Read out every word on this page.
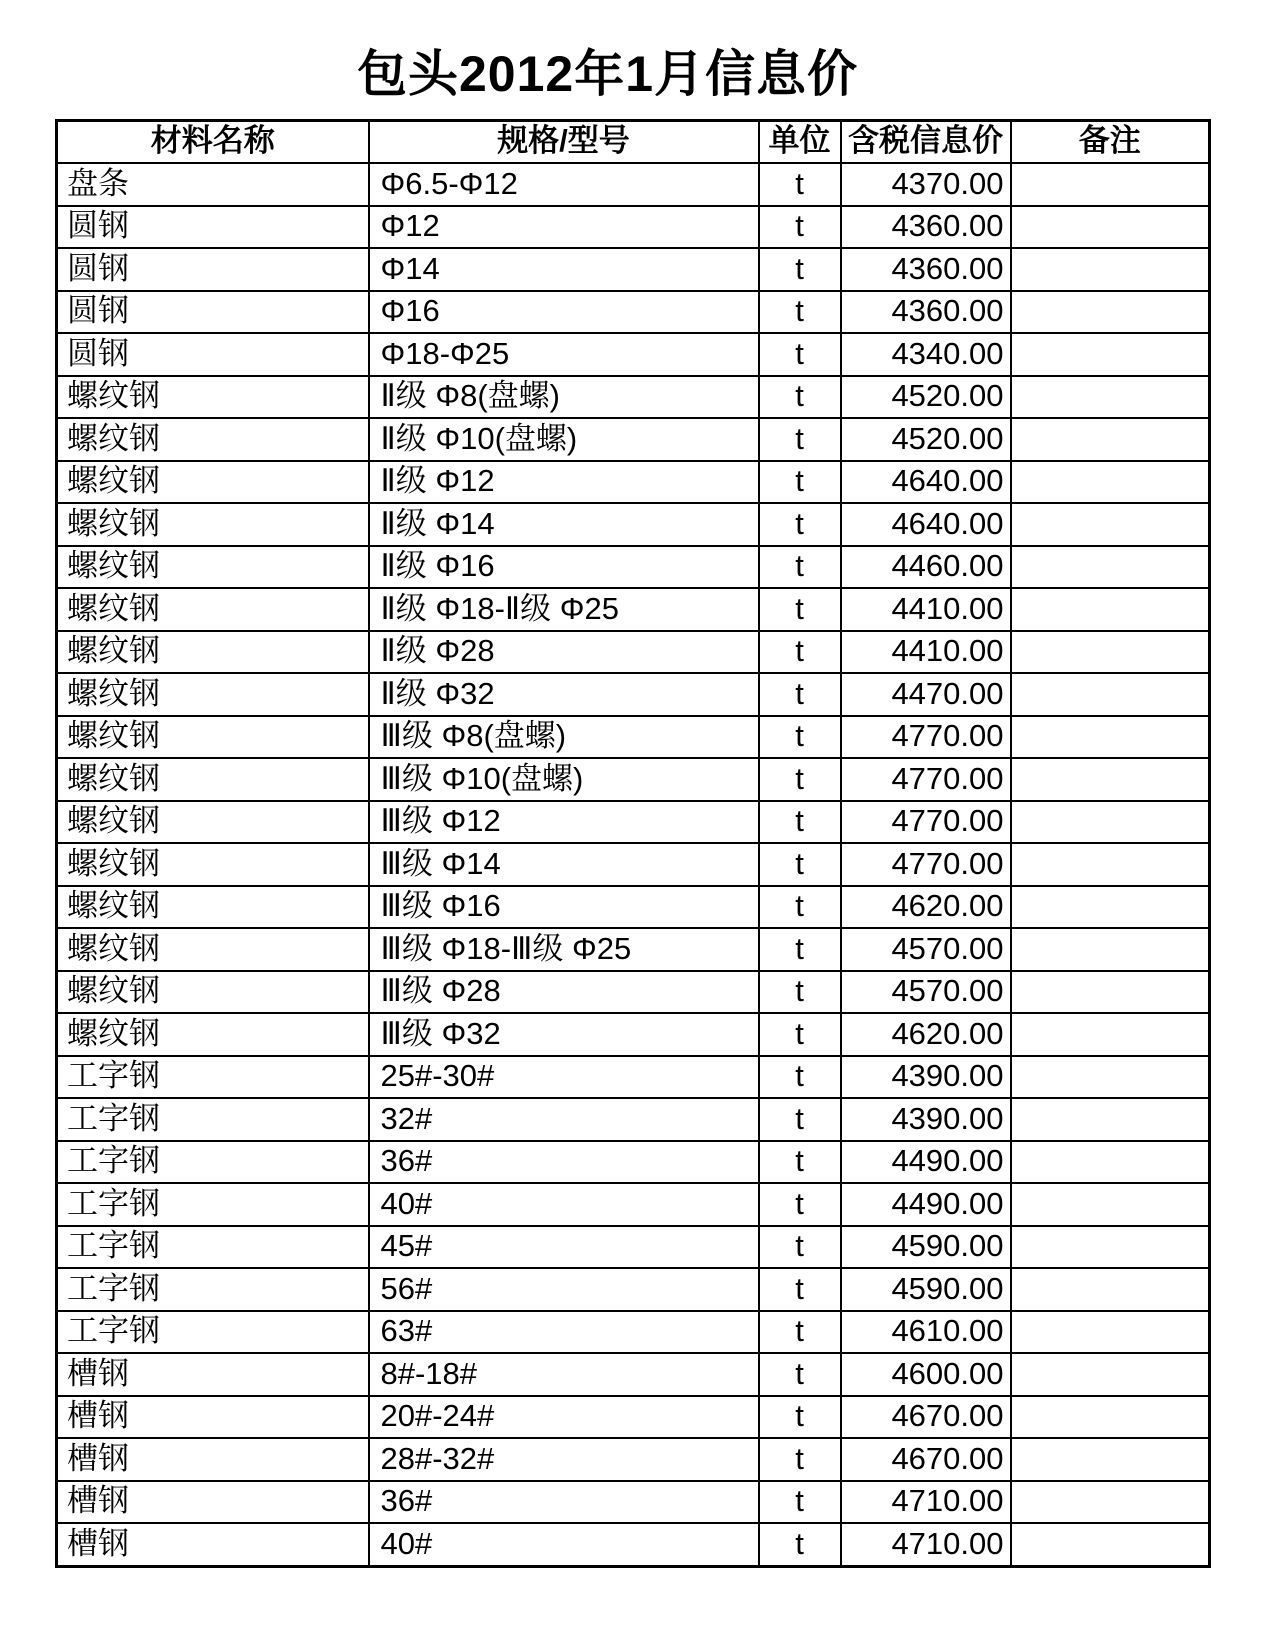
包头2012年1月信息价
材料名称	规格/型号	单位	含税信息价	备注
盘条	Φ6.5-Φ12	t	4370.00	
圆钢	Φ12	t	4360.00	
圆钢	Φ14	t	4360.00	
圆钢	Φ16	t	4360.00	
圆钢	Φ18-Φ25	t	4340.00	
螺纹钢	Ⅱ级 Φ8(盘螺)	t	4520.00	
螺纹钢	Ⅱ级 Φ10(盘螺)	t	4520.00	
螺纹钢	Ⅱ级 Φ12	t	4640.00	
螺纹钢	Ⅱ级 Φ14	t	4640.00	
螺纹钢	Ⅱ级 Φ16	t	4460.00	
螺纹钢	Ⅱ级 Φ18-Ⅱ级 Φ25	t	4410.00	
螺纹钢	Ⅱ级 Φ28	t	4410.00	
螺纹钢	Ⅱ级 Φ32	t	4470.00	
螺纹钢	Ⅲ级 Φ8(盘螺)	t	4770.00	
螺纹钢	Ⅲ级 Φ10(盘螺)	t	4770.00	
螺纹钢	Ⅲ级 Φ12	t	4770.00	
螺纹钢	Ⅲ级 Φ14	t	4770.00	
螺纹钢	Ⅲ级 Φ16	t	4620.00	
螺纹钢	Ⅲ级 Φ18-Ⅲ级 Φ25	t	4570.00	
螺纹钢	Ⅲ级 Φ28	t	4570.00	
螺纹钢	Ⅲ级 Φ32	t	4620.00	
工字钢	25#-30#	t	4390.00	
工字钢	32#	t	4390.00	
工字钢	36#	t	4490.00	
工字钢	40#	t	4490.00	
工字钢	45#	t	4590.00	
工字钢	56#	t	4590.00	
工字钢	63#	t	4610.00	
槽钢	8#-18#	t	4600.00	
槽钢	20#-24#	t	4670.00	
槽钢	28#-32#	t	4670.00	
槽钢	36#	t	4710.00	
槽钢	40#	t	4710.00	
